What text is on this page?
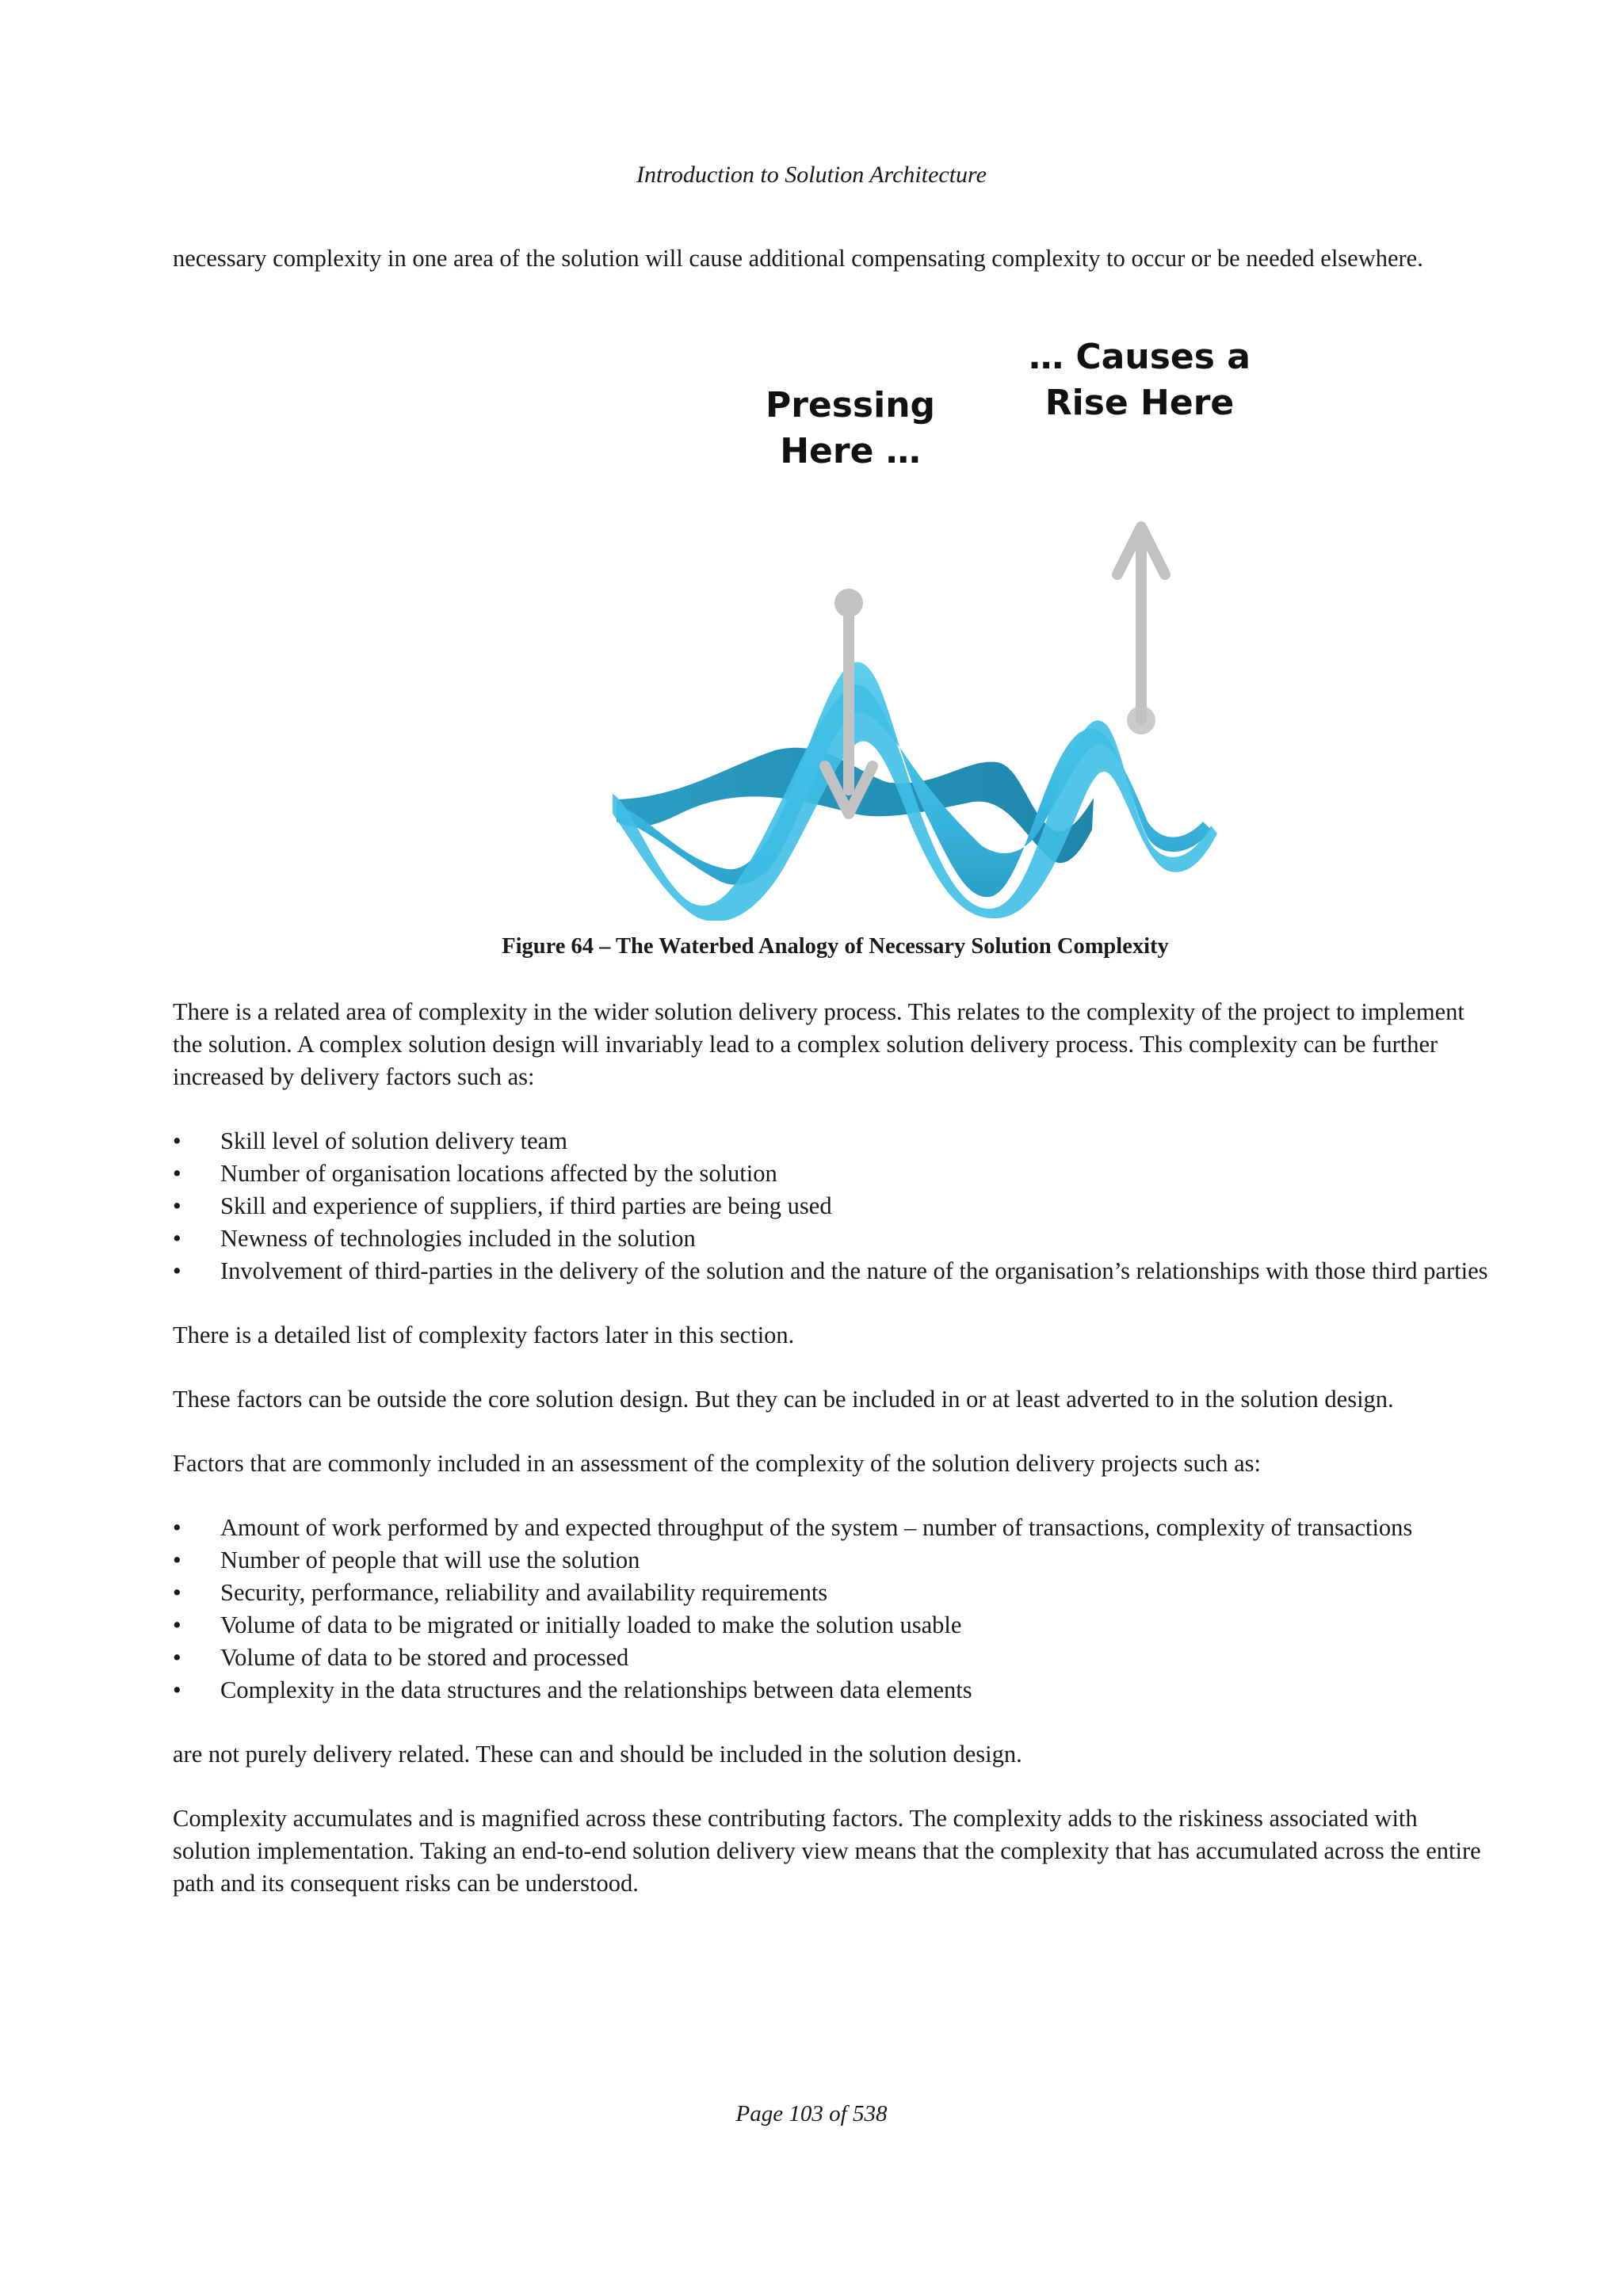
Introduction to Solution Architecture

necessary complexity in one area of the solution will cause additional compensating complexity to occur or be needed elsewhere.

Pressing
Here …
… Causes a
Rise Here
Figure 64 – The Waterbed Analogy of Necessary Solution Complexity

There is a related area of complexity in the wider solution delivery process. This relates to the complexity of the project to implement the solution. A complex solution design will invariably lead to a complex solution delivery process. This complexity can be further increased by delivery factors such as:

•	Skill level of solution delivery team
•	Number of organisation locations affected by the solution
•	Skill and experience of suppliers, if third parties are being used
•	Newness of technologies included in the solution
•	Involvement of third-parties in the delivery of the solution and the nature of the organisation’s relationships with those third parties

There is a detailed list of complexity factors later in this section.

These factors can be outside the core solution design. But they can be included in or at least adverted to in the solution design.

Factors that are commonly included in an assessment of the complexity of the solution delivery projects such as:

•	Amount of work performed by and expected throughput of the system – number of transactions, complexity of transactions
•	Number of people that will use the solution
•	Security, performance, reliability and availability requirements
•	Volume of data to be migrated or initially loaded to make the solution usable
•	Volume of data to be stored and processed
•	Complexity in the data structures and the relationships between data elements

are not purely delivery related. These can and should be included in the solution design.

Complexity accumulates and is magnified across these contributing factors. The complexity adds to the riskiness associated with solution implementation. Taking an end-to-end solution delivery view means that the complexity that has accumulated across the entire path and its consequent risks can be understood.

Page 103 of 538
